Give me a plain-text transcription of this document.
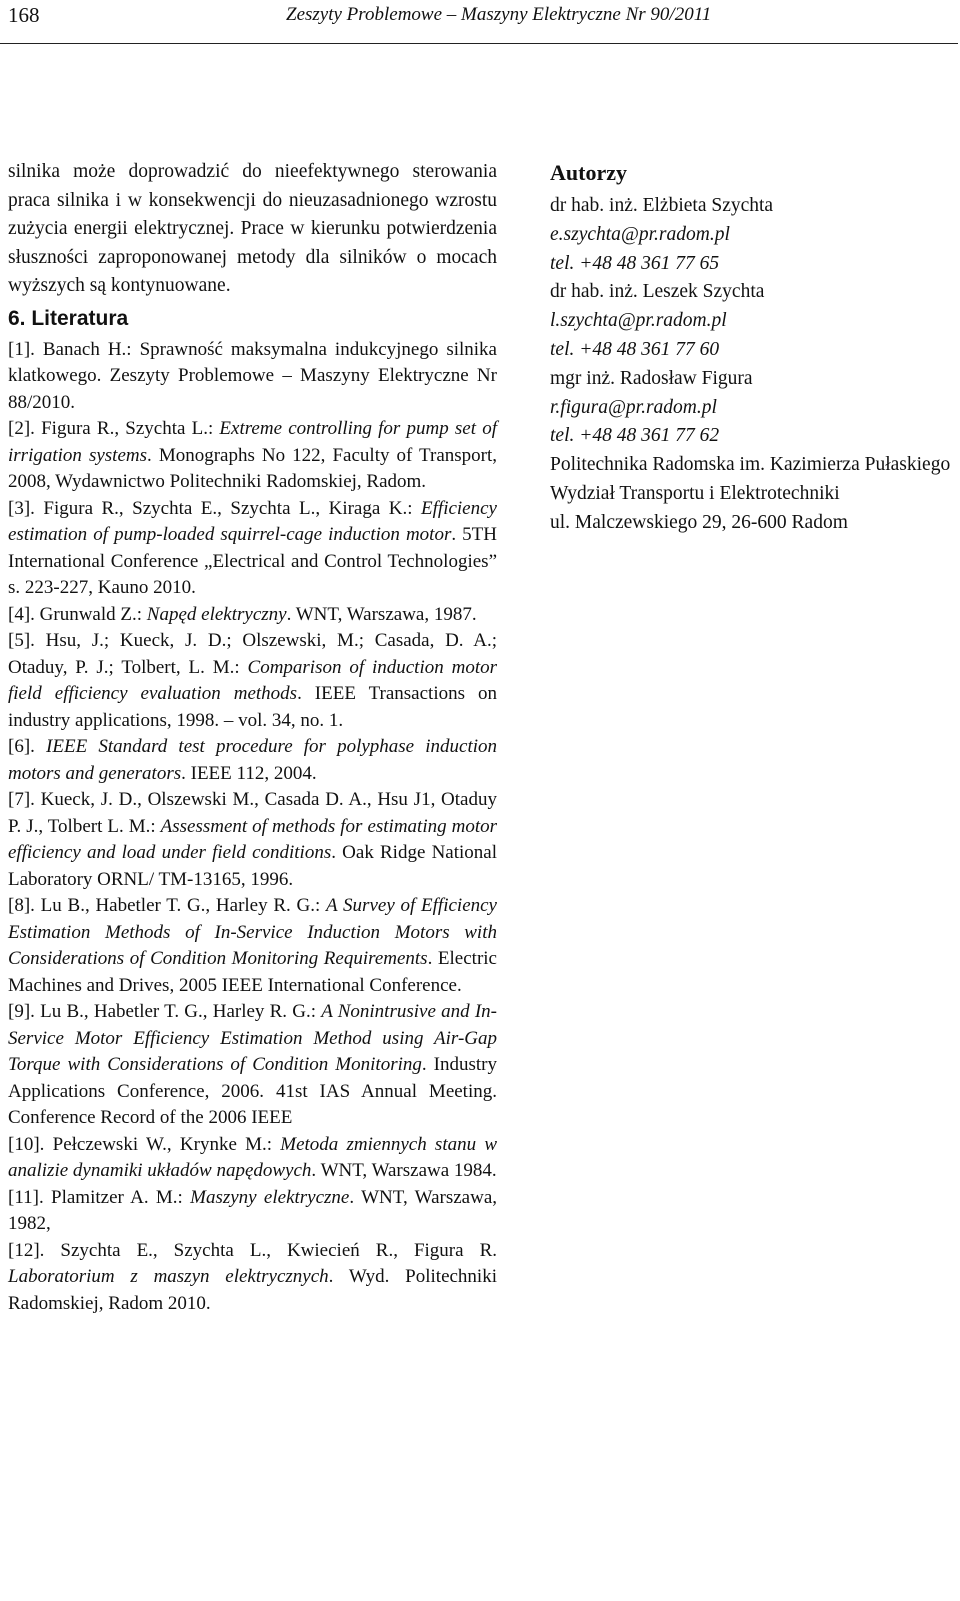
168	Zeszyty Problemowe – Maszyny Elektryczne Nr 90/2011

silnika może doprowadzić do nieefektywnego sterowania praca silnika i w konsekwencji do nieuzasadnionego wzrostu zużycia energii elektrycznej. Prace w kierunku potwierdzenia słuszności zaproponowanej metody dla silników o mocach wyższych są kontynuowane.

6. Literatura

[1]. Banach H.: Sprawność maksymalna indukcyjnego silnika klatkowego. Zeszyty Problemowe – Maszyny Elektryczne Nr 88/2010.

[2]. Figura R., Szychta L.: Extreme controlling for pump set of irrigation systems. Monographs No 122, Faculty of Transport, 2008, Wydawnictwo Politechniki Radomskiej, Radom.

[3]. Figura R., Szychta E., Szychta L., Kiraga K.: Efficiency estimation of pump-loaded squirrel-cage induction motor. 5TH International Conference „Electrical and Control Technologies” s. 223-227, Kauno 2010.

[4]. Grunwald Z.: Napęd elektryczny. WNT, Warszawa, 1987.

[5]. Hsu, J.; Kueck, J. D.; Olszewski, M.; Casada, D. A.; Otaduy, P. J.; Tolbert, L. M.: Comparison of induction motor field efficiency evaluation methods. IEEE Transactions on industry applications, 1998. – vol. 34, no. 1.

[6]. IEEE Standard test procedure for polyphase induction motors and generators. IEEE 112, 2004.

[7]. Kueck, J. D., Olszewski M., Casada D. A., Hsu J1, Otaduy P. J., Tolbert L. M.: Assessment of methods for estimating motor efficiency and load under field conditions. Oak Ridge National Laboratory ORNL/ TM-13165, 1996.

[8]. Lu B., Habetler T. G., Harley R. G.: A Survey of Efficiency Estimation Methods of In-Service Induction Motors with Considerations of Condition Monitoring Requirements. Electric Machines and Drives, 2005 IEEE International Conference.

[9]. Lu B., Habetler T. G., Harley R. G.: A Nonintrusive and In-Service Motor Efficiency Estimation Method using Air-Gap Torque with Considerations of Condition Monitoring. Industry Applications Conference, 2006. 41st IAS Annual Meeting. Conference Record of the 2006 IEEE

[10]. Pełczewski W., Krynke M.: Metoda zmiennych stanu w analizie dynamiki układów napędowych. WNT, Warszawa 1984.

[11]. Plamitzer A. M.: Maszyny elektryczne. WNT, Warszawa, 1982,

[12]. Szychta E., Szychta L., Kwiecień R., Figura R. Laboratorium z maszyn elektrycznych. Wyd. Politechniki Radomskiej, Radom 2010.

Autorzy
dr hab. inż. Elżbieta Szychta
e.szychta@pr.radom.pl
tel. +48 48 361 77 65
dr hab. inż. Leszek Szychta
l.szychta@pr.radom.pl
tel. +48 48 361 77 60
mgr inż. Radosław Figura
r.figura@pr.radom.pl
tel. +48 48 361 77 62
Politechnika Radomska im. Kazimierza Pułaskiego
Wydział Transportu i Elektrotechniki
ul. Malczewskiego 29, 26-600 Radom
